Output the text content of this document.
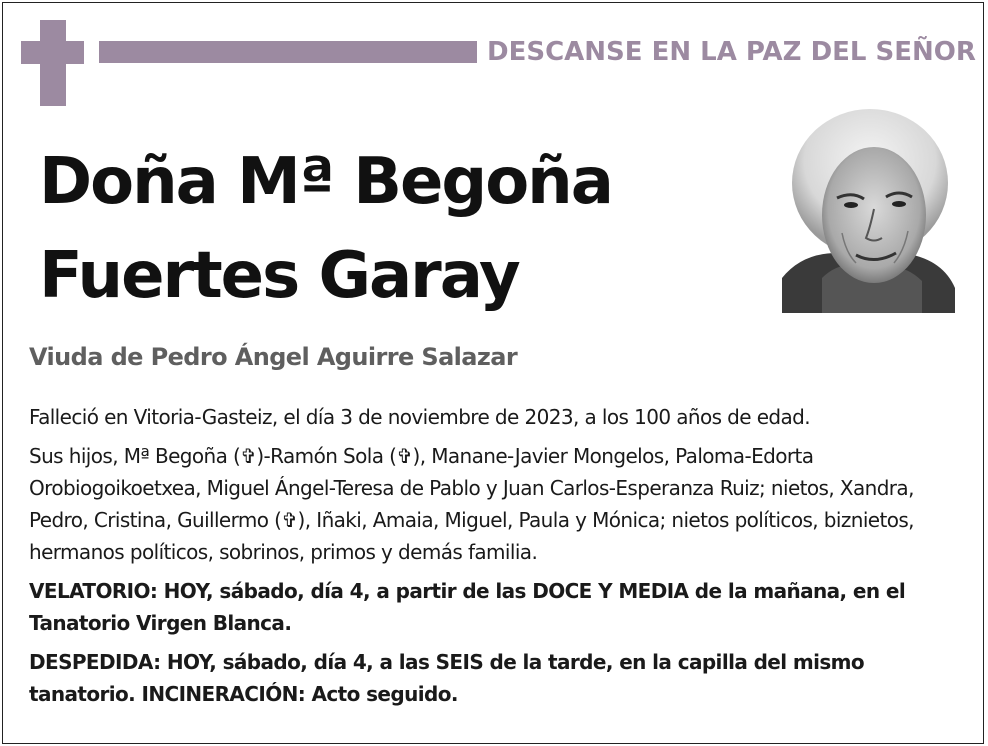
DESCANSE EN LA PAZ DEL SEÑOR
Doña Mª Begoña
Fuertes Garay
Viuda de Pedro Ángel Aguirre Salazar

Falleció en Vitoria-Gasteiz, el día 3 de noviembre de 2023, a los 100 años de edad.

Sus hijos, Mª Begoña (✞)-Ramón Sola (✞), Manane-Javier Mongelos, Paloma-Edorta Orobiogoikoetxea, Miguel Ángel-Teresa de Pablo y Juan Carlos-Esperanza Ruiz; nietos, Xandra, Pedro, Cristina, Guillermo (✞), Iñaki, Amaia, Miguel, Paula y Mónica; nietos políticos, biznietos, hermanos políticos, sobrinos, primos y demás familia.

VELATORIO: HOY, sábado, día 4, a partir de las DOCE Y MEDIA de la mañana, en el Tanatorio Virgen Blanca.

DESPEDIDA: HOY, sábado, día 4, a las SEIS de la tarde, en la capilla del mismo tanatorio. INCINERACIÓN: Acto seguido.
